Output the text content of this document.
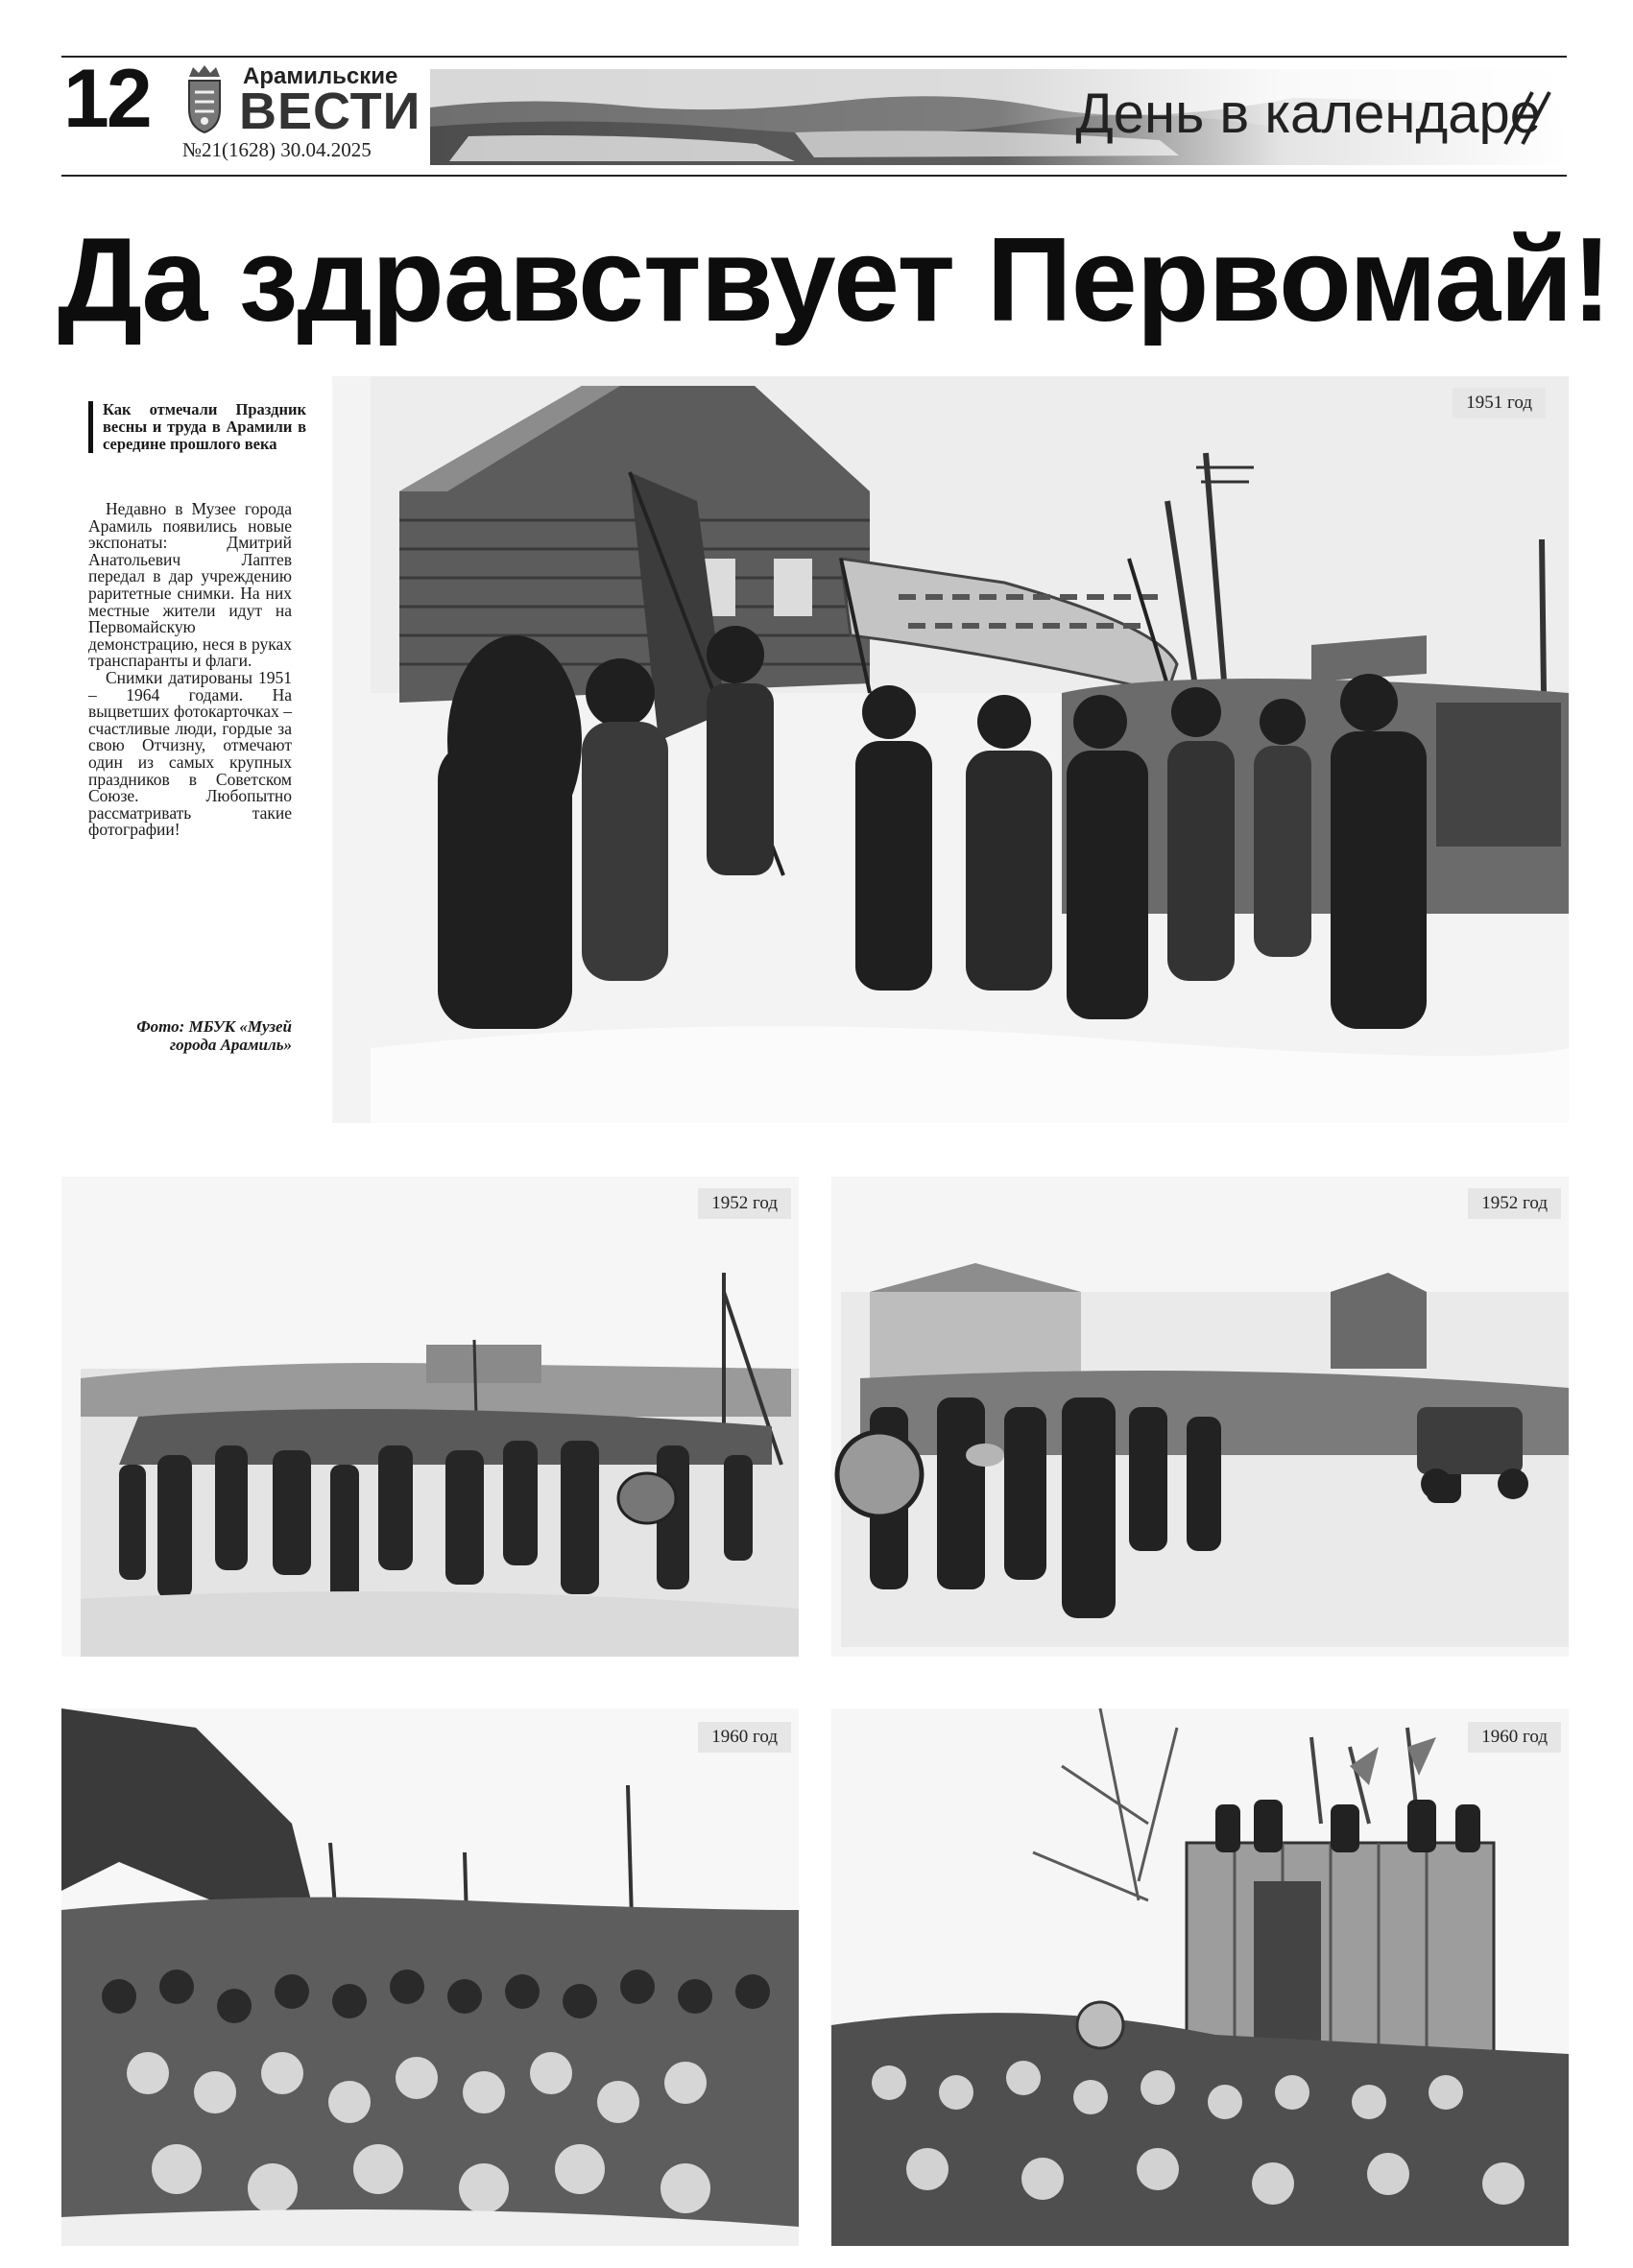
12	Арамильские
ВЕСТИ
№21(1628) 30.04.2025
День в календаре
Да здравствует Первомай!
Как отмечали Праздник весны и труда в Арамили в середине прошлого века

Недавно в Музее города Арамиль появились новые экспонаты: Дмитрий Анатольевич Лаптев передал в дар учреждению раритетные снимки. На них местные жители идут на Первомайскую демонстрацию, неся в руках транспаранты и флаги.

Снимки датированы 1951 – 1964 годами. На выцветших фотокарточках – счастливые люди, гордые за свою Отчизну, отмечают один из самых крупных праздников в Советском Союзе. Любопытно рассматривать такие фотографии!

Фото: МБУК «Музей города Арамиль»
1951 год
1952 год	1952 год
1960 год	1960 год
